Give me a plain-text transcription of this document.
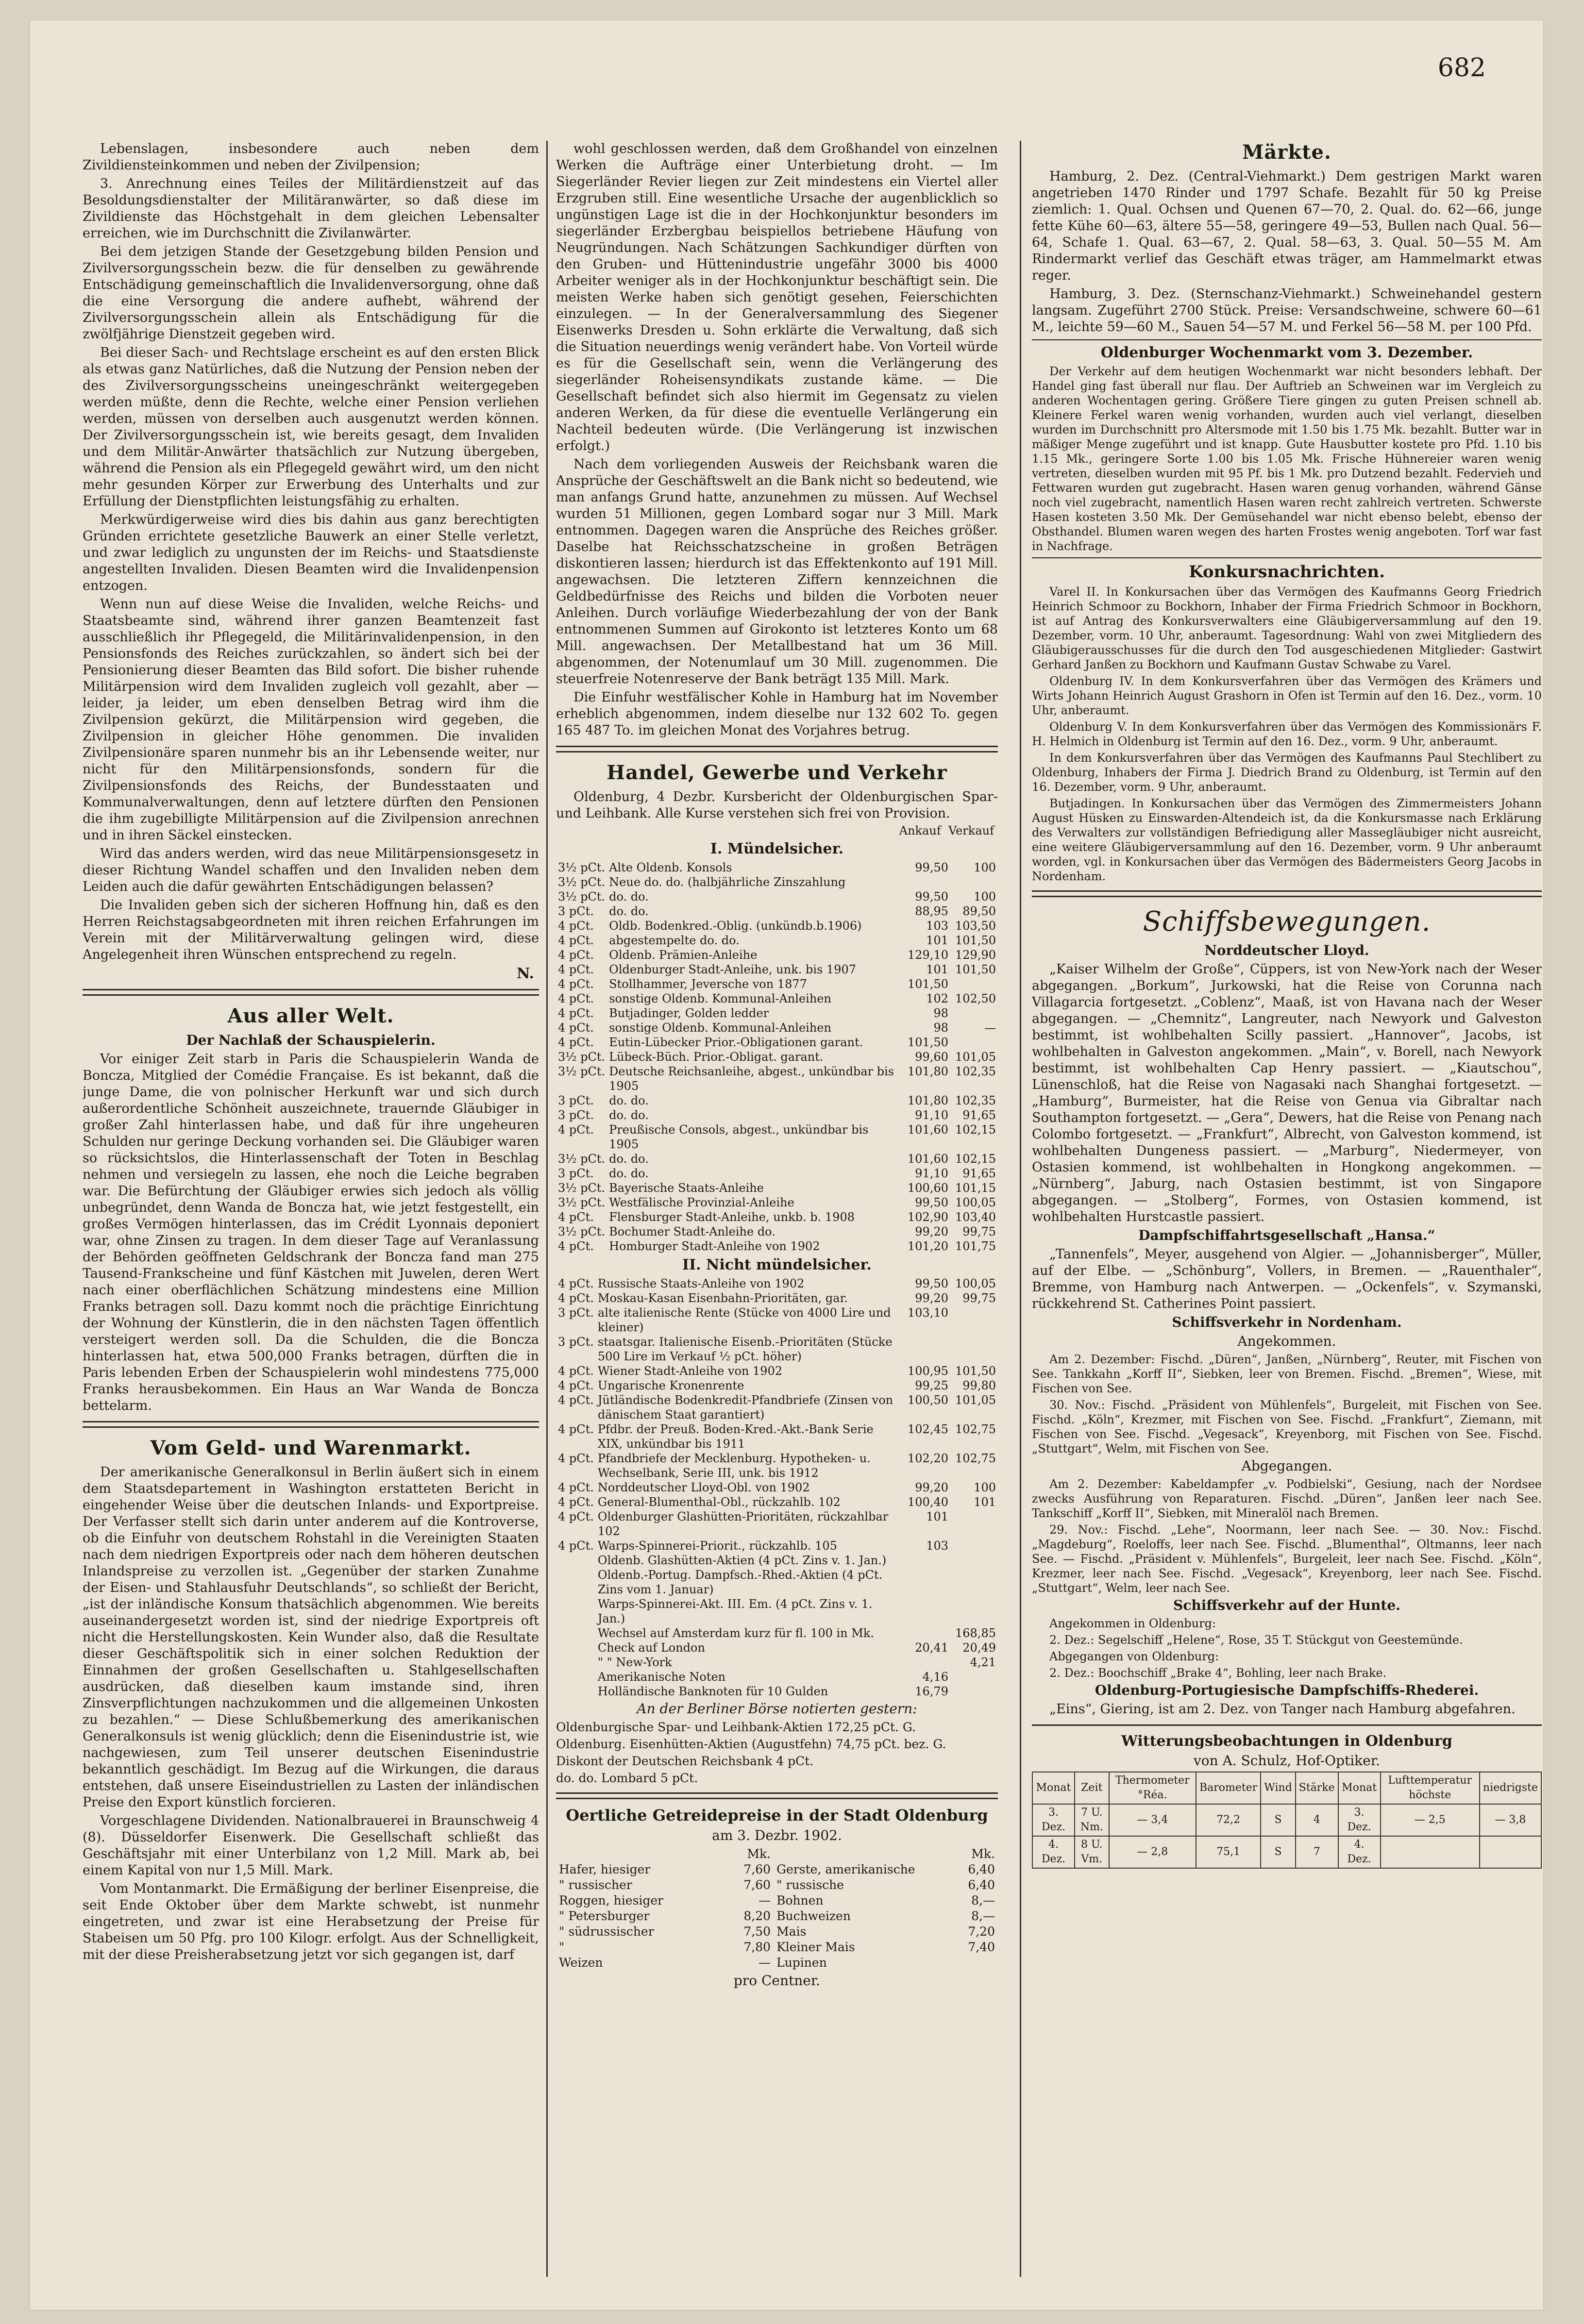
682

Lebenslagen, insbesondere auch neben dem Zivildiensteinkommen und neben der Zivilpension;

3. Anrechnung eines Teiles der Militärdienstzeit auf das Besoldungsdienstalter der Militäranwärter, so daß diese im Zivildienste das Höchstgehalt in dem gleichen Lebensalter erreichen, wie im Durchschnitt die Zivilanwärter.

Bei dem jetzigen Stande der Gesetzgebung bilden Pension und Zivilversorgungsschein bezw. die für denselben zu gewährende Entschädigung gemeinschaftlich die Invalidenversorgung, ohne daß die eine Versorgung die andere aufhebt, während der Zivilversorgungsschein allein als Entschädigung für die zwölfjährige Dienstzeit gegeben wird.

Bei dieser Sach- und Rechtslage erscheint es auf den ersten Blick als etwas ganz Natürliches, daß die Nutzung der Pension neben der des Zivilversorgungsscheins uneingeschränkt weitergegeben werden müßte, denn die Rechte, welche einer Pension verliehen werden, müssen von derselben auch ausgenutzt werden können. Der Zivilversorgungsschein ist, wie bereits gesagt, dem Invaliden und dem Militär-Anwärter thatsächlich zur Nutzung übergeben, während die Pension als ein Pflegegeld gewährt wird, um den nicht mehr gesunden Körper zur Erwerbung des Unterhalts und zur Erfüllung der Dienstpflichten leistungsfähig zu erhalten.

Merkwürdigerweise wird dies bis dahin aus ganz berechtigten Gründen errichtete gesetzliche Bauwerk an einer Stelle verletzt, und zwar lediglich zu ungunsten der im Reichs- und Staatsdienste angestellten Invaliden. Diesen Beamten wird die Invalidenpension entzogen.

Wenn nun auf diese Weise die Invaliden, welche Reichs- und Staatsbeamte sind, während ihrer ganzen Beamtenzeit fast ausschließlich ihr Pflegegeld, die Militärinvalidenpension, in den Pensionsfonds des Reiches zurückzahlen, so ändert sich bei der Pensionierung dieser Beamten das Bild sofort. Die bisher ruhende Militärpension wird dem Invaliden zugleich voll gezahlt, aber — leider, ja leider, um eben denselben Betrag wird ihm die Zivilpension gekürzt, die Militärpension wird gegeben, die Zivilpension in gleicher Höhe genommen. Die invaliden Zivilpensionäre sparen nunmehr bis an ihr Lebensende weiter, nur nicht für den Militärpensionsfonds, sondern für die Zivilpensionsfonds des Reichs, der Bundesstaaten und Kommunalverwaltungen, denn auf letztere dürften den Pensionen die ihm zugebilligte Militärpension auf die Zivilpension anrechnen und in ihren Säckel einstecken.

Wird das anders werden, wird das neue Militärpensionsgesetz in dieser Richtung Wandel schaffen und den Invaliden neben dem Leiden auch die dafür gewährten Entschädigungen belassen?

Die Invaliden geben sich der sicheren Hoffnung hin, daß es den Herren Reichstagsabgeordneten mit ihren reichen Erfahrungen im Verein mit der Militärverwaltung gelingen wird, diese Angelegenheit ihren Wünschen entsprechend zu regeln.

N.
Aus aller Welt.
Der Nachlaß der Schauspielerin.

Vor einiger Zeit starb in Paris die Schauspielerin Wanda de Boncza, Mitglied der Comédie Française. Es ist bekannt, daß die junge Dame, die von polnischer Herkunft war und sich durch außerordentliche Schönheit auszeichnete, trauernde Gläubiger in großer Zahl hinterlassen habe, und daß für ihre ungeheuren Schulden nur geringe Deckung vorhanden sei. Die Gläubiger waren so rücksichtslos, die Hinterlassenschaft der Toten in Beschlag nehmen und versiegeln zu lassen, ehe noch die Leiche begraben war. Die Befürchtung der Gläubiger erwies sich jedoch als völlig unbegründet, denn Wanda de Boncza hat, wie jetzt festgestellt, ein großes Vermögen hinterlassen, das im Crédit Lyonnais deponiert war, ohne Zinsen zu tragen. In dem dieser Tage auf Veranlassung der Behörden geöffneten Geldschrank der Boncza fand man 275 Tausend-Frankscheine und fünf Kästchen mit Juwelen, deren Wert nach einer oberflächlichen Schätzung mindestens eine Million Franks betragen soll. Dazu kommt noch die prächtige Einrichtung der Wohnung der Künstlerin, die in den nächsten Tagen öffentlich versteigert werden soll. Da die Schulden, die die Boncza hinterlassen hat, etwa 500,000 Franks betragen, dürften die in Paris lebenden Erben der Schauspielerin wohl mindestens 775,000 Franks herausbekommen. Ein Haus an War Wanda de Boncza bettelarm.

Vom Geld- und Warenmarkt.

Der amerikanische Generalkonsul in Berlin äußert sich in einem dem Staatsdepartement in Washington erstatteten Bericht in eingehender Weise über die deutschen Inlands- und Exportpreise. Der Verfasser stellt sich darin unter anderem auf die Kontroverse, ob die Einfuhr von deutschem Rohstahl in die Vereinigten Staaten nach dem niedrigen Exportpreis oder nach dem höheren deutschen Inlandspreise zu verzollen ist. „Gegenüber der starken Zunahme der Eisen- und Stahlausfuhr Deutschlands“, so schließt der Bericht, „ist der inländische Konsum thatsächlich abgenommen. Wie bereits auseinandergesetzt worden ist, sind der niedrige Exportpreis oft nicht die Herstellungskosten. Kein Wunder also, daß die Resultate dieser Geschäftspolitik sich in einer solchen Reduktion der Einnahmen der großen Gesellschaften u. Stahlgesellschaften ausdrücken, daß dieselben kaum imstande sind, ihren Zinsverpflichtungen nachzukommen und die allgemeinen Unkosten zu bezahlen.“ — Diese Schlußbemerkung des amerikanischen Generalkonsuls ist wenig glücklich; denn die Eisenindustrie ist, wie nachgewiesen, zum Teil unserer deutschen Eisenindustrie bekanntlich geschädigt. Im Bezug auf die Wirkungen, die daraus entstehen, daß unsere Eiseindustriellen zu Lasten der inländischen Preise den Export künstlich forcieren.

Vorgeschlagene Dividenden. Nationalbrauerei in Braunschweig 4 (8). Düsseldorfer Eisenwerk. Die Gesellschaft schließt das Geschäftsjahr mit einer Unterbilanz von 1,2 Mill. Mark ab, bei einem Kapital von nur 1,5 Mill. Mark.

Vom Montanmarkt. Die Ermäßigung der berliner Eisenpreise, die seit Ende Oktober über dem Markte schwebt, ist nunmehr eingetreten, und zwar ist eine Herabsetzung der Preise für Stabeisen um 50 Pfg. pro 100 Kilogr. erfolgt. Aus der Schnelligkeit, mit der diese Preisherabsetzung jetzt vor sich gegangen ist, darf

wohl geschlossen werden, daß dem Großhandel von einzelnen Werken die Aufträge einer Unterbietung droht. — Im Siegerländer Revier liegen zur Zeit mindestens ein Viertel aller Erzgruben still. Eine wesentliche Ursache der augenblicklich so ungünstigen Lage ist die in der Hochkonjunktur besonders im siegerländer Erzbergbau beispiellos betriebene Häufung von Neugründungen. Nach Schätzungen Sachkundiger dürften von den Gruben- und Hüttenindustrie ungefähr 3000 bis 4000 Arbeiter weniger als in der Hochkonjunktur beschäftigt sein. Die meisten Werke haben sich genötigt gesehen, Feierschichten einzulegen. — In der Generalversammlung des Siegener Eisenwerks Dresden u. Sohn erklärte die Verwaltung, daß sich die Situation neuerdings wenig verändert habe. Von Vorteil würde es für die Gesellschaft sein, wenn die Verlängerung des siegerländer Roheisensyndikats zustande käme. — Die Gesellschaft befindet sich also hiermit im Gegensatz zu vielen anderen Werken, da für diese die eventuelle Verlängerung ein Nachteil bedeuten würde. (Die Verlängerung ist inzwischen erfolgt.)

Nach dem vorliegenden Ausweis der Reichsbank waren die Ansprüche der Geschäftswelt an die Bank nicht so bedeutend, wie man anfangs Grund hatte, anzunehmen zu müssen. Auf Wechsel wurden 51 Millionen, gegen Lombard sogar nur 3 Mill. Mark entnommen. Dagegen waren die Ansprüche des Reiches größer. Daselbe hat Reichsschatzscheine in großen Beträgen diskontieren lassen; hierdurch ist das Effektenkonto auf 191 Mill. angewachsen. Die letzteren Ziffern kennzeichnen die Geldbedürfnisse des Reichs und bilden die Vorboten neuer Anleihen. Durch vorläufige Wiederbezahlung der von der Bank entnommenen Summen auf Girokonto ist letzteres Konto um 68 Mill. angewachsen. Der Metallbestand hat um 36 Mill. abgenommen, der Notenumlauf um 30 Mill. zugenommen. Die steuerfreie Notenreserve der Bank beträgt 135 Mill. Mark.

Die Einfuhr westfälischer Kohle in Hamburg hat im November erheblich abgenommen, indem dieselbe nur 132 602 To. gegen 165 487 To. im gleichen Monat des Vorjahres betrug.

Handel, Gewerbe und Verkehr

Oldenburg, 4 Dezbr. Kursbericht der Oldenburgischen Spar- und Leihbank. Alle Kurse verstehen sich frei von Provision.

Ankauf Verkauf
I. Mündelsicher.
3½ pCt.	Alte Oldenb. Konsols	99,50	100
3½ pCt.	Neue do. do. (halbjährliche Zinszahlung		
3½ pCt.	do. do.	99,50	100
3 pCt.	do. do.	88,95	89,50
4 pCt.	Oldb. Bodenkred.-Oblig. (unkündb.b.1906)	103	103,50
4 pCt.	abgestempelte do. do.	101	101,50
4 pCt.	Oldenb. Prämien-Anleihe	129,10	129,90
4 pCt.	Oldenburger Stadt-Anleihe, unk. bis 1907	101	101,50
4 pCt.	Stollhammer, Jeversche von 1877	101,50	
4 pCt.	sonstige Oldenb. Kommunal-Anleihen	102	102,50
4 pCt.	Butjadinger, Golden ledder	98	
4 pCt.	sonstige Oldenb. Kommunal-Anleihen	98	—
4 pCt.	Eutin-Lübecker Prior.-Obligationen garant.	101,50	
3½ pCt.	Lübeck-Büch. Prior.-Obligat. garant.	99,60	101,05
3½ pCt.	Deutsche Reichsanleihe, abgest., unkündbar bis 1905	101,80	102,35
3 pCt.	do. do.	101,80	102,35
3 pCt.	do. do.	91,10	91,65
4 pCt.	Preußische Consols, abgest., unkündbar bis 1905	101,60	102,15
3½ pCt.	do. do.	101,60	102,15
3 pCt.	do. do.	91,10	91,65
3½ pCt.	Bayerische Staats-Anleihe	100,60	101,15
3½ pCt.	Westfälische Provinzial-Anleihe	99,50	100,05
4 pCt.	Flensburger Stadt-Anleihe, unkb. b. 1908	102,90	103,40
3½ pCt.	Bochumer Stadt-Anleihe do.	99,20	99,75
4 pCt.	Homburger Stadt-Anleihe von 1902	101,20	101,75
II. Nicht mündelsicher.
4 pCt.	Russische Staats-Anleihe von 1902	99,50	100,05
4 pCt.	Moskau-Kasan Eisenbahn-Prioritäten, gar.	99,20	99,75
3 pCt.	alte italienische Rente (Stücke von 4000 Lire und kleiner)	103,10	
3 pCt.	staatsgar. Italienische Eisenb.-Prioritäten (Stücke 500 Lire im Verkauf ½ pCt. höher)		
4 pCt.	Wiener Stadt-Anleihe von 1902	100,95	101,50
4 pCt.	Ungarische Kronenrente	99,25	99,80
4 pCt.	Jütländische Bodenkredit-Pfandbriefe (Zinsen von dänischem Staat garantiert)	100,50	101,05
4 pCt.	Pfdbr. der Preuß. Boden-Kred.-Akt.-Bank Serie XIX, unkündbar bis 1911	102,45	102,75
4 pCt.	Pfandbriefe der Mecklenburg. Hypotheken- u. Wechselbank, Serie III, unk. bis 1912	102,20	102,75
4 pCt.	Norddeutscher Lloyd-Obl. von 1902	99,20	100
4 pCt.	General-Blumenthal-Obl., rückzahlb. 102	100,40	101
4 pCt.	Oldenburger Glashütten-Prioritäten, rückzahlbar 102	101	
4 pCt.	Warps-Spinnerei-Priorit., rückzahlb. 105	103	
	Oldenb. Glashütten-Aktien (4 pCt. Zins v. 1. Jan.)		
	Oldenb.-Portug. Dampfsch.-Rhed.-Aktien (4 pCt. Zins vom 1. Januar)		
	Warps-Spinnerei-Akt. III. Em. (4 pCt. Zins v. 1. Jan.)		
	Wechsel auf Amsterdam kurz für fl. 100 in Mk.		168,85
	Check auf London	20,41	20,49
	" " New-York		4,21
	Amerikanische Noten	4,16	
	Holländische Banknoten für 10 Gulden	16,79	
An der Berliner Börse notierten gestern:

Oldenburgische Spar- und Leihbank-Aktien 172,25 pCt. G.

Oldenburg. Eisenhütten-Aktien (Augustfehn) 74,75 pCt. bez. G.

Diskont der Deutschen Reichsbank 4 pCt.

do. do. Lombard 5 pCt.

Oertliche Getreidepreise in der Stadt Oldenburg
am 3. Dezbr. 1902.
	Mk.		Mk.
Hafer, hiesiger	7,60	Gerste, amerikanische	6,40
" russischer	7,60	" russische	6,40
Roggen, hiesiger	—	Bohnen	8,—
" Petersburger	8,20	Buchweizen	8,—
" südrussischer	7,50	Mais	7,20
"	7,80	Kleiner Mais	7,40
Weizen	—	Lupinen	
pro Centner.
Märkte.

Hamburg, 2. Dez. (Central-Viehmarkt.) Dem gestrigen Markt waren angetrieben 1470 Rinder und 1797 Schafe. Bezahlt für 50 kg Preise ziemlich: 1. Qual. Ochsen und Quenen 67—70, 2. Qual. do. 62—66, junge fette Kühe 60—63, ältere 55—58, geringere 49—53, Bullen nach Qual. 56—64, Schafe 1. Qual. 63—67, 2. Qual. 58—63, 3. Qual. 50—55 M. Am Rindermarkt verlief das Geschäft etwas träger, am Hammelmarkt etwas reger.

Hamburg, 3. Dez. (Sternschanz-Viehmarkt.) Schweinehandel gestern langsam. Zugeführt 2700 Stück. Preise: Versandschweine, schwere 60—61 M., leichte 59—60 M., Sauen 54—57 M. und Ferkel 56—58 M. per 100 Pfd.

Oldenburger Wochenmarkt vom 3. Dezember.

Der Verkehr auf dem heutigen Wochenmarkt war nicht besonders lebhaft. Der Handel ging fast überall nur flau. Der Auftrieb an Schweinen war im Vergleich zu anderen Wochentagen gering. Größere Tiere gingen zu guten Preisen schnell ab. Kleinere Ferkel waren wenig vorhanden, wurden auch viel verlangt, dieselben wurden im Durchschnitt pro Altersmode mit 1.50 bis 1.75 Mk. bezahlt. Butter war in mäßiger Menge zugeführt und ist knapp. Gute Hausbutter kostete pro Pfd. 1.10 bis 1.15 Mk., geringere Sorte 1.00 bis 1.05 Mk. Frische Hühnereier waren wenig vertreten, dieselben wurden mit 95 Pf. bis 1 Mk. pro Dutzend bezahlt. Federvieh und Fettwaren wurden gut zugebracht. Hasen waren genug vorhanden, während Gänse noch viel zugebracht, namentlich Hasen waren recht zahlreich vertreten. Schwerste Hasen kosteten 3.50 Mk. Der Gemüsehandel war nicht ebenso belebt, ebenso der Obsthandel. Blumen waren wegen des harten Frostes wenig angeboten. Torf war fast in Nachfrage.

Konkursnachrichten.

Varel II. In Konkursachen über das Vermögen des Kaufmanns Georg Friedrich Heinrich Schmoor zu Bockhorn, Inhaber der Firma Friedrich Schmoor in Bockhorn, ist auf Antrag des Konkursverwalters eine Gläubigerversammlung auf den 19. Dezember, vorm. 10 Uhr, anberaumt. Tagesordnung: Wahl von zwei Mitgliedern des Gläubigerausschusses für die durch den Tod ausgeschiedenen Mitglieder: Gastwirt Gerhard Janßen zu Bockhorn und Kaufmann Gustav Schwabe zu Varel.

Oldenburg IV. In dem Konkursverfahren über das Vermögen des Krämers und Wirts Johann Heinrich August Grashorn in Ofen ist Termin auf den 16. Dez., vorm. 10 Uhr, anberaumt.

Oldenburg V. In dem Konkursverfahren über das Vermögen des Kommissionärs F. H. Helmich in Oldenburg ist Termin auf den 16. Dez., vorm. 9 Uhr, anberaumt.

In dem Konkursverfahren über das Vermögen des Kaufmanns Paul Stechlibert zu Oldenburg, Inhabers der Firma J. Diedrich Brand zu Oldenburg, ist Termin auf den 16. Dezember, vorm. 9 Uhr, anberaumt.

Butjadingen. In Konkursachen über das Vermögen des Zimmermeisters Johann August Hüsken zu Einswarden-Altendeich ist, da die Konkursmasse nach Erklärung des Verwalters zur vollständigen Befriedigung aller Massegläubiger nicht ausreicht, eine weitere Gläubigerversammlung auf den 16. Dezember, vorm. 9 Uhr anberaumt worden, vgl. in Konkursachen über das Vermögen des Bädermeisters Georg Jacobs in Nordenham.

Schiffsbewegungen.
Norddeutscher Lloyd.

„Kaiser Wilhelm der Große“, Cüppers, ist von New-York nach der Weser abgegangen. „Borkum“, Jurkowski, hat die Reise von Corunna nach Villagarcia fortgesetzt. „Coblenz“, Maaß, ist von Havana nach der Weser abgegangen. — „Chemnitz“, Langreuter, nach Newyork und Galveston bestimmt, ist wohlbehalten Scilly passiert. „Hannover“, Jacobs, ist wohlbehalten in Galveston angekommen. „Main“, v. Borell, nach Newyork bestimmt, ist wohlbehalten Cap Henry passiert. — „Kiautschou“, Lünenschloß, hat die Reise von Nagasaki nach Shanghai fortgesetzt. — „Hamburg“, Burmeister, hat die Reise von Genua via Gibraltar nach Southampton fortgesetzt. — „Gera“, Dewers, hat die Reise von Penang nach Colombo fortgesetzt. — „Frankfurt“, Albrecht, von Galveston kommend, ist wohlbehalten Dungeness passiert. — „Marburg“, Niedermeyer, von Ostasien kommend, ist wohlbehalten in Hongkong angekommen. — „Nürnberg“, Jaburg, nach Ostasien bestimmt, ist von Singapore abgegangen. — „Stolberg“, Formes, von Ostasien kommend, ist wohlbehalten Hurstcastle passiert.

Dampfschiffahrtsgesellschaft „Hansa.“

„Tannenfels“, Meyer, ausgehend von Algier. — „Johannisberger“, Müller, auf der Elbe. — „Schönburg“, Vollers, in Bremen. — „Rauenthaler“, Bremme, von Hamburg nach Antwerpen. — „Ockenfels“, v. Szymanski, rückkehrend St. Catherines Point passiert.

Schiffsverkehr in Nordenham.
Angekommen.

Am 2. Dezember: Fischd. „Düren“, Janßen, „Nürnberg“, Reuter, mit Fischen von See. Tankkahn „Korff II“, Siebken, leer von Bremen. Fischd. „Bremen“, Wiese, mit Fischen von See.

30. Nov.: Fischd. „Präsident von Mühlenfels“, Burgeleit, mit Fischen von See. Fischd. „Köln“, Krezmer, mit Fischen von See. Fischd. „Frankfurt“, Ziemann, mit Fischen von See. Fischd. „Vegesack“, Kreyenborg, mit Fischen von See. Fischd. „Stuttgart“, Welm, mit Fischen von See.

Abgegangen.

Am 2. Dezember: Kabeldampfer „v. Podbielski“, Gesiung, nach der Nordsee zwecks Ausführung von Reparaturen. Fischd. „Düren“, Janßen leer nach See. Tankschiff „Korff II“, Siebken, mit Mineralöl nach Bremen.

29. Nov.: Fischd. „Lehe“, Noormann, leer nach See. — 30. Nov.: Fischd. „Magdeburg“, Roeloffs, leer nach See. Fischd. „Blumenthal“, Oltmanns, leer nach See. — Fischd. „Präsident v. Mühlenfels“, Burgeleit, leer nach See. Fischd. „Köln“, Krezmer, leer nach See. Fischd. „Vegesack“, Kreyenborg, leer nach See. Fischd. „Stuttgart“, Welm, leer nach See.

Schiffsverkehr auf der Hunte.

Angekommen in Oldenburg:

2. Dez.: Segelschiff „Helene“, Rose, 35 T. Stückgut von Geestemünde.

Abgegangen von Oldenburg:

2. Dez.: Boochschiff „Brake 4“, Bohling, leer nach Brake.

Oldenburg-Portugiesische Dampfschiffs-Rhederei.

„Eins“, Giering, ist am 2. Dez. von Tanger nach Hamburg abgefahren.

Witterungsbeobachtungen in Oldenburg
von A. Schulz, Hof-Optiker.
Monat	Zeit	Thermometer °Réa.	Barometer	Wind	Stärke	Monat	Lufttemperatur höchste	niedrigste
3. Dez.	7 U. Nm.	— 3,4	72,2	S	4	3. Dez.	— 2,5	— 3,8
4. Dez.	8 U. Vm.	— 2,8	75,1	S	7	4. Dez.		
